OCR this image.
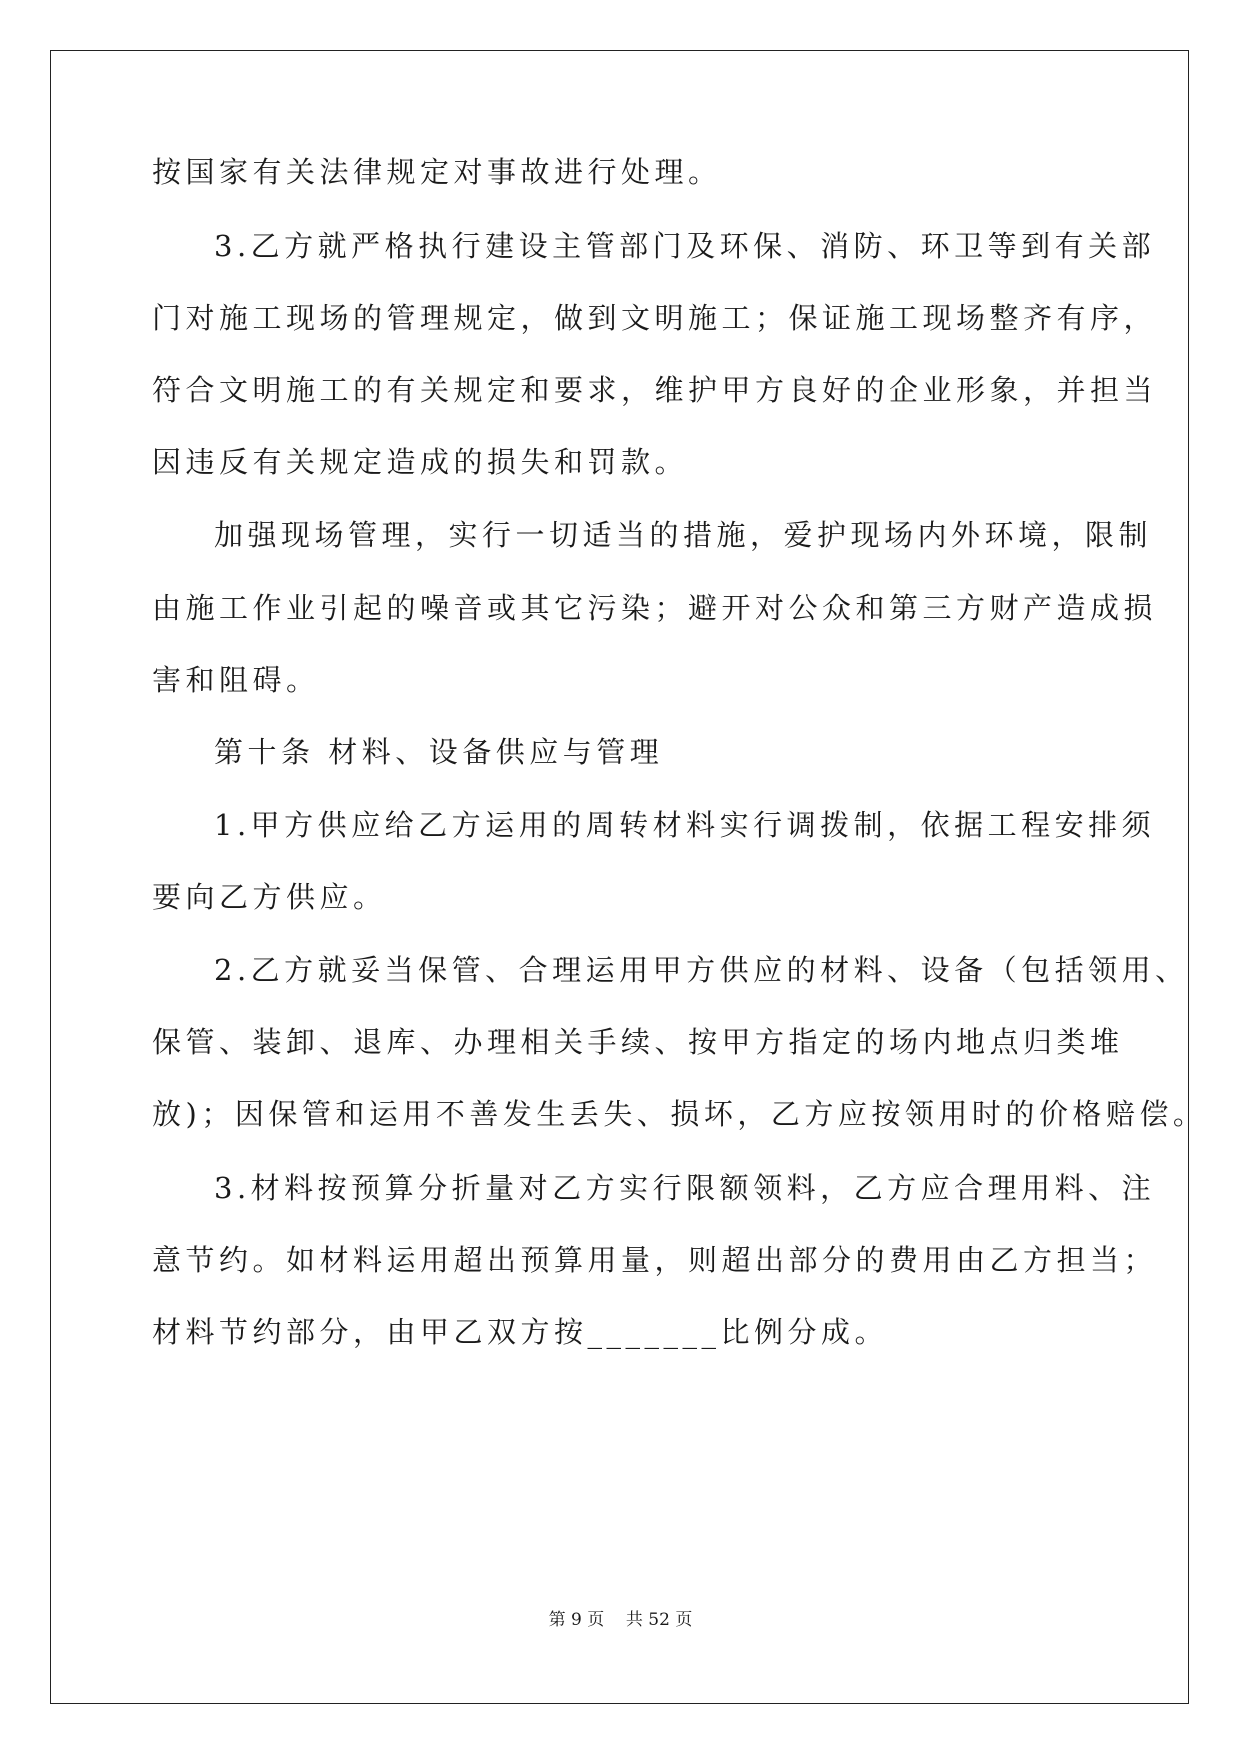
按国家有关法律规定对事故进行处理。
3.乙方就严格执行建设主管部门及环保、消防、环卫等到有关部
门对施工现场的管理规定，做到文明施工；保证施工现场整齐有序，
符合文明施工的有关规定和要求，维护甲方良好的企业形象，并担当
因违反有关规定造成的损失和罚款。
加强现场管理，实行一切适当的措施，爱护现场内外环境，限制
由施工作业引起的噪音或其它污染；避开对公众和第三方财产造成损
害和阻碍。
第十条 材料、设备供应与管理
1.甲方供应给乙方运用的周转材料实行调拨制，依据工程安排须
要向乙方供应。
2.乙方就妥当保管、合理运用甲方供应的材料、设备（包括领用、
保管、装卸、退库、办理相关手续、按甲方指定的场内地点归类堆
放)；因保管和运用不善发生丢失、损坏，乙方应按领用时的价格赔偿。
3.材料按预算分折量对乙方实行限额领料，乙方应合理用料、注
意节约。如材料运用超出预算用量，则超出部分的费用由乙方担当；
材料节约部分，由甲乙双方按_______比例分成。
第 9 页    共 52 页
